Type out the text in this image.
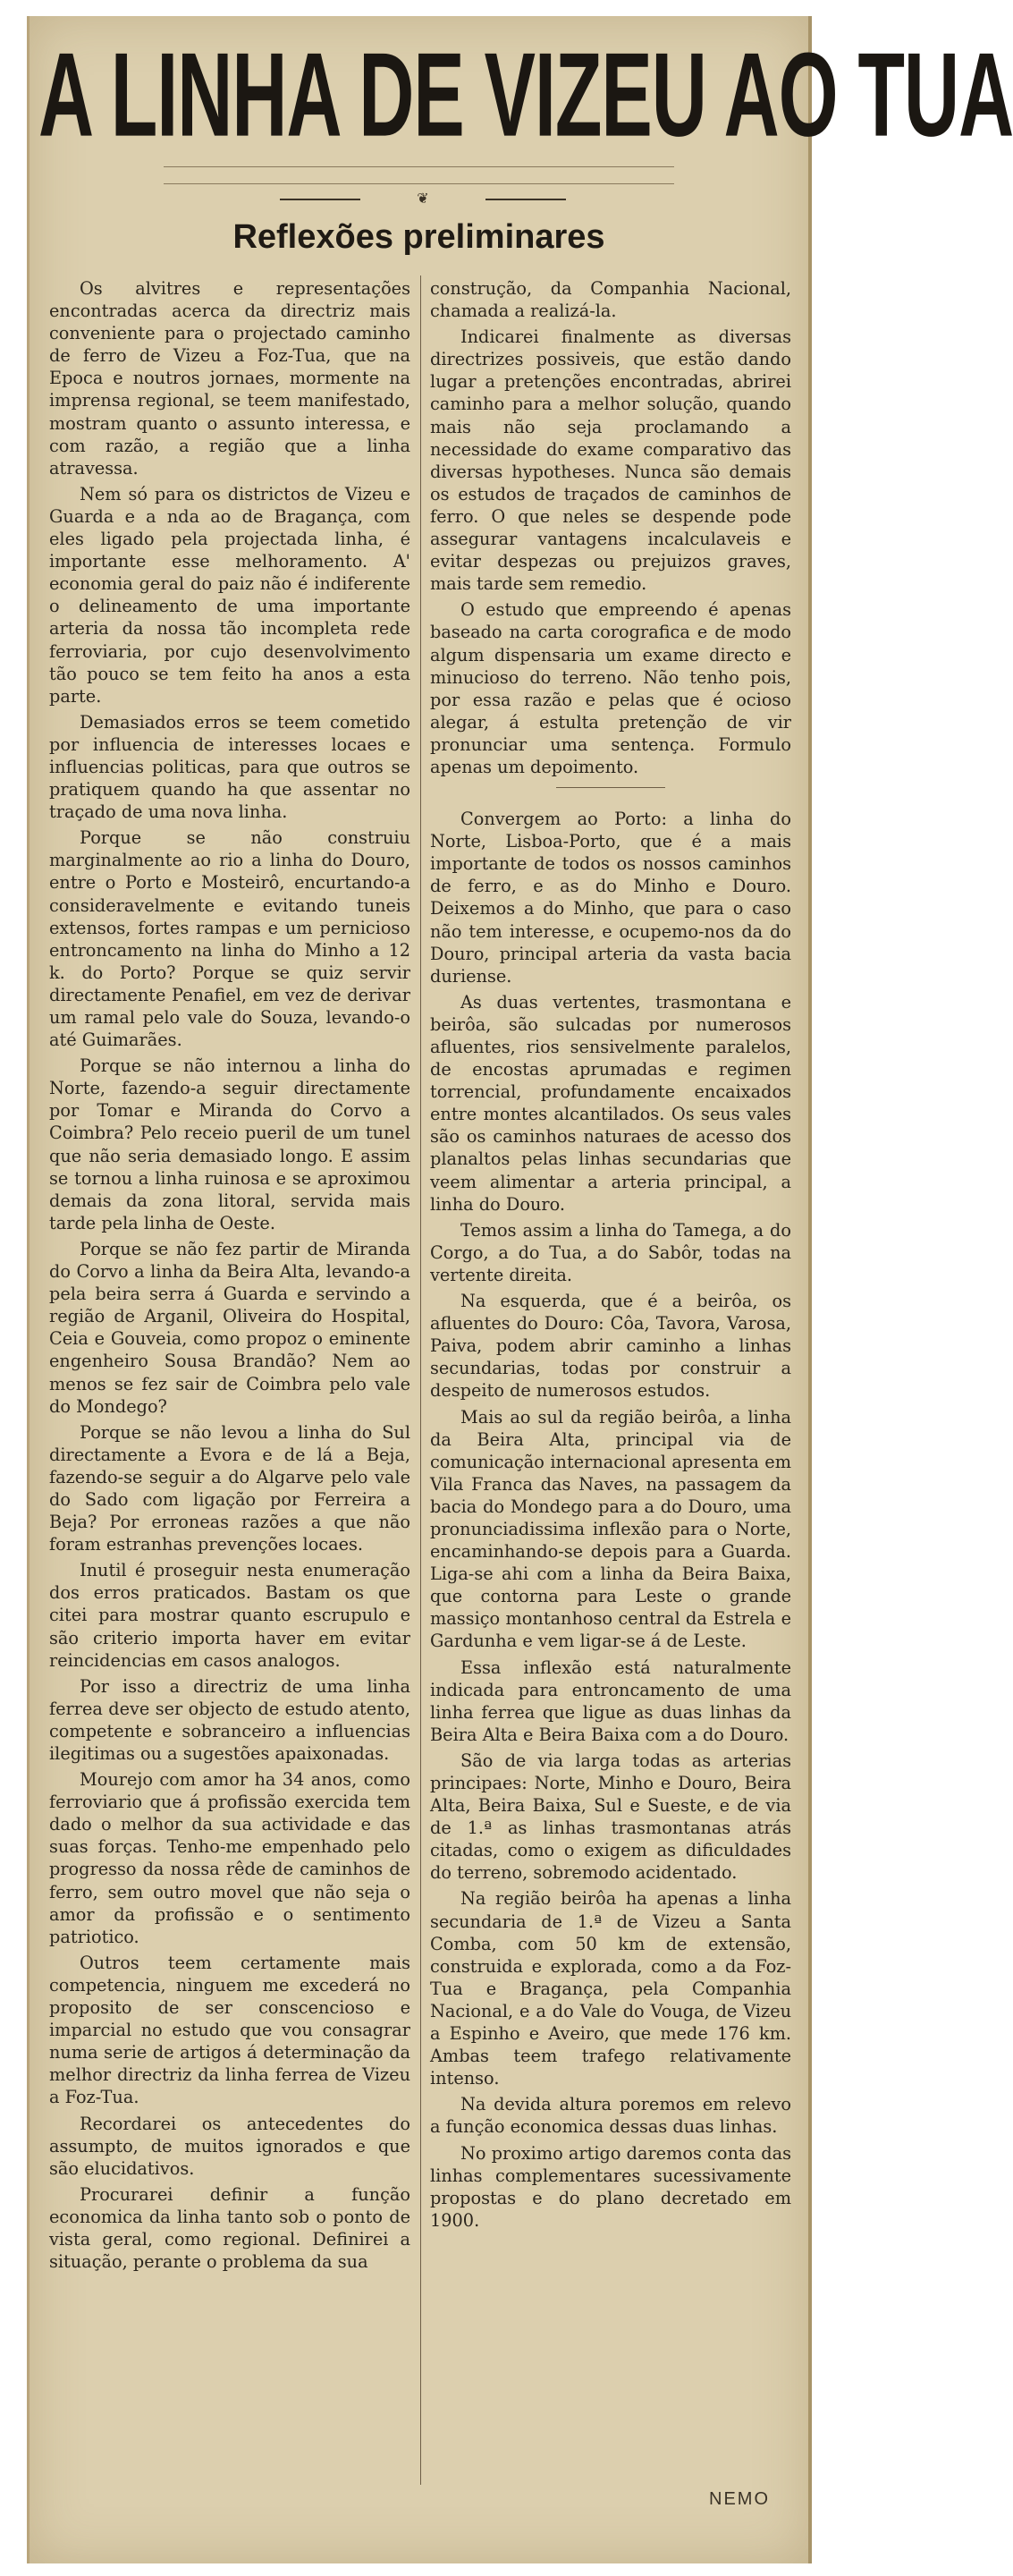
A LINHA DE VIZEU AO TUA
❦
Reflexões preliminares

Os alvitres e representações encontradas acerca da directriz mais conveniente para o projectado caminho de ferro de Vizeu a Foz-Tua, que na Epoca e noutros jornaes, mormente na imprensa regional, se teem manifestado, mostram quanto o assunto interessa, e com razão, a região que a linha atravessa.

Nem só para os districtos de Vizeu e Guarda e a nda ao de Bragança, com eles ligado pela projectada linha, é importante esse melhoramento. A' economia geral do paiz não é indiferente o delineamento de uma importante arteria da nossa tão incompleta rede ferroviaria, por cujo desenvolvimento tão pouco se tem feito ha anos a esta parte.

Demasiados erros se teem cometido por influencia de interesses locaes e influencias politicas, para que outros se pratiquem quando ha que assentar no traçado de uma nova linha.

Porque se não construiu marginalmente ao rio a linha do Douro, entre o Porto e Mosteirô, encurtando-a consideravelmente e evitando tuneis extensos, fortes rampas e um pernicioso entroncamento na linha do Minho a 12 k. do Porto? Porque se quiz servir directamente Penafiel, em vez de derivar um ramal pelo vale do Souza, levando-o até Guimarães.

Porque se não internou a linha do Norte, fazendo-a seguir directamente por Tomar e Miranda do Corvo a Coimbra? Pelo receio pueril de um tunel que não seria demasiado longo. E assim se tornou a linha ruinosa e se aproximou demais da zona litoral, servida mais tarde pela linha de Oeste.

Porque se não fez partir de Miranda do Corvo a linha da Beira Alta, levando-a pela beira serra á Guarda e servindo a região de Arganil, Oliveira do Hospital, Ceia e Gouveia, como propoz o eminente engenheiro Sousa Brandão? Nem ao menos se fez sair de Coimbra pelo vale do Mondego?

Porque se não levou a linha do Sul directamente a Evora e de lá a Beja, fazendo-se seguir a do Algarve pelo vale do Sado com ligação por Ferreira a Beja? Por erroneas razões a que não foram estranhas prevenções locaes.

Inutil é proseguir nesta enumeração dos erros praticados. Bastam os que citei para mostrar quanto escrupulo e são criterio importa haver em evitar reincidencias em casos analogos.

Por isso a directriz de uma linha ferrea deve ser objecto de estudo atento, competente e sobranceiro a influencias ilegitimas ou a sugestões apaixonadas.

Mourejo com amor ha 34 anos, como ferroviario que á profissão exercida tem dado o melhor da sua actividade e das suas forças. Tenho-me empenhado pelo progresso da nossa rêde de caminhos de ferro, sem outro movel que não seja o amor da profissão e o sentimento patriotico.

Outros teem certamente mais competencia, ninguem me excederá no proposito de ser conscencioso e imparcial no estudo que vou consagrar numa serie de artigos á determinação da melhor directriz da linha ferrea de Vizeu a Foz-Tua.

Recordarei os antecedentes do assumpto, de muitos ignorados e que são elucidativos.

Procurarei definir a função economica da linha tanto sob o ponto de vista geral, como regional. Definirei a situação, perante o problema da sua

construção, da Companhia Nacional, chamada a realizá-la.

Indicarei finalmente as diversas directrizes possiveis, que estão dando lugar a pretenções encontradas, abrirei caminho para a melhor solução, quando mais não seja proclamando a necessidade do exame comparativo das diversas hypotheses. Nunca são demais os estudos de traçados de caminhos de ferro. O que neles se despende pode assegurar vantagens incalculaveis e evitar despezas ou prejuizos graves, mais tarde sem remedio.

O estudo que empreendo é apenas baseado na carta corografica e de modo algum dispensaria um exame directo e minucioso do terreno. Não tenho pois, por essa razão e pelas que é ocioso alegar, á estulta pretenção de vir pronunciar uma sentença. Formulo apenas um depoimento.

Convergem ao Porto: a linha do Norte, Lisboa-Porto, que é a mais importante de todos os nossos caminhos de ferro, e as do Minho e Douro. Deixemos a do Minho, que para o caso não tem interesse, e ocupemo-nos da do Douro, principal arteria da vasta bacia duriense.

As duas vertentes, trasmontana e beirôa, são sulcadas por numerosos afluentes, rios sensivelmente paralelos, de encostas aprumadas e regimen torrencial, profundamente encaixados entre montes alcantilados. Os seus vales são os caminhos naturaes de acesso dos planaltos pelas linhas secundarias que veem alimentar a arteria principal, a linha do Douro.

Temos assim a linha do Tamega, a do Corgo, a do Tua, a do Sabôr, todas na vertente direita.

Na esquerda, que é a beirôa, os afluentes do Douro: Côa, Tavora, Varosa, Paiva, podem abrir caminho a linhas secundarias, todas por construir a despeito de numerosos estudos.

Mais ao sul da região beirôa, a linha da Beira Alta, principal via de comunicação internacional apresenta em Vila Franca das Naves, na passagem da bacia do Mondego para a do Douro, uma pronunciadissima inflexão para o Norte, encaminhando-se depois para a Guarda. Liga-se ahi com a linha da Beira Baixa, que contorna para Leste o grande massiço montanhoso central da Estrela e Gardunha e vem ligar-se á de Leste.

Essa inflexão está naturalmente indicada para entroncamento de uma linha ferrea que ligue as duas linhas da Beira Alta e Beira Baixa com a do Douro.

São de via larga todas as arterias principaes: Norte, Minho e Douro, Beira Alta, Beira Baixa, Sul e Sueste, e de via de 1.ª as linhas trasmontanas atrás citadas, como o exigem as dificuldades do terreno, sobremodo acidentado.

Na região beirôa ha apenas a linha secundaria de 1.ª de Vizeu a Santa Comba, com 50 km de extensão, construida e explorada, como a da Foz-Tua e Bragança, pela Companhia Nacional, e a do Vale do Vouga, de Vizeu a Espinho e Aveiro, que mede 176 km. Ambas teem trafego relativamente intenso.

Na devida altura poremos em relevo a função economica dessas duas linhas.

No proximo artigo daremos conta das linhas complementares sucessivamente propostas e do plano decretado em 1900.

NEMO
